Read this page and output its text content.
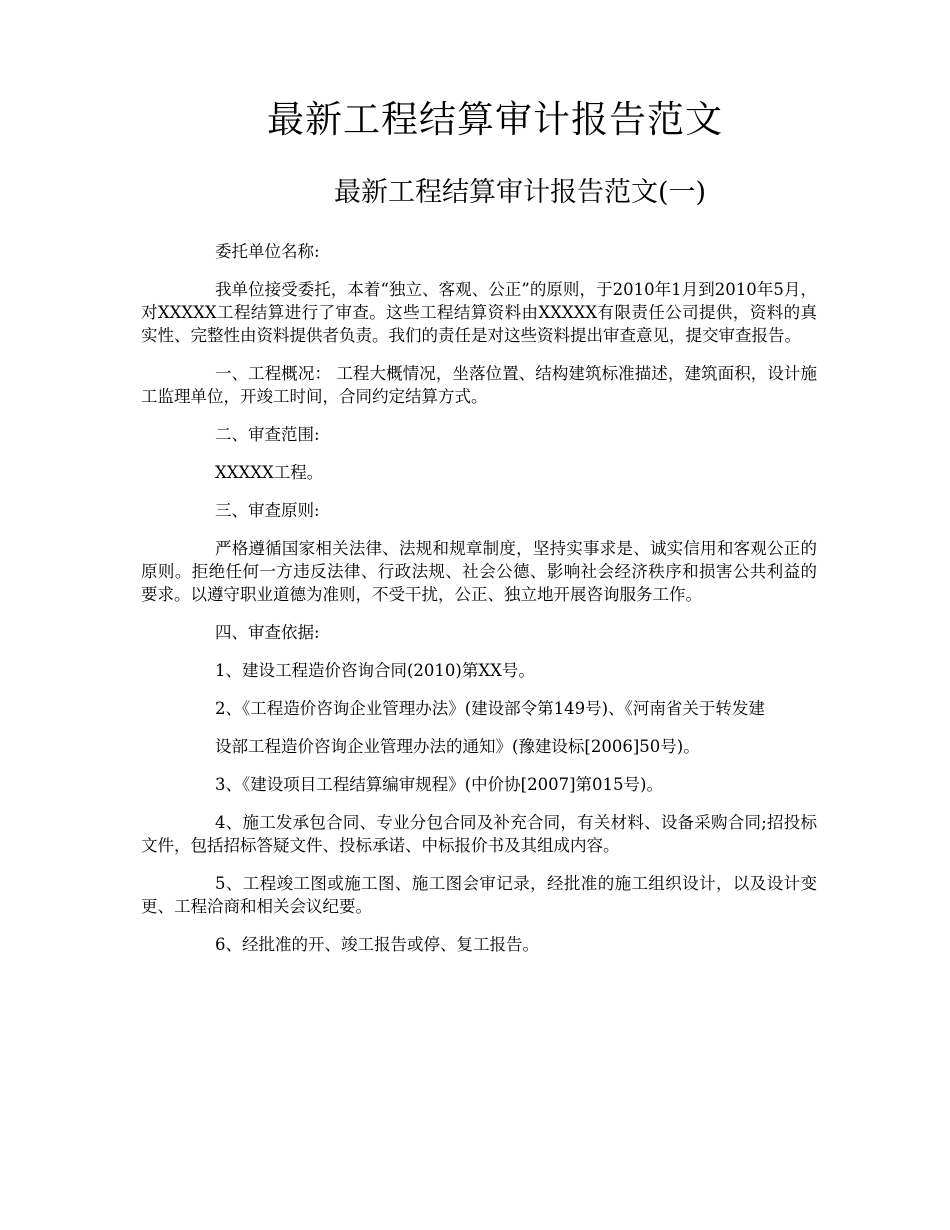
最新工程结算审计报告范文
最新工程结算审计报告范文(一)

委托单位名称:

我单位接受委托，本着“独立、客观、公正”的原则，于2010年1月到2010年5月，对XXXXX工程结算进行了审查。这些工程结算资料由XXXXX有限责任公司提供，资料的真实性、完整性由资料提供者负责。我们的责任是对这些资料提出审查意见，提交审查报告。

一、工程概况： 工程大概情况，坐落位置、结构建筑标准描述，建筑面积，设计施工监理单位，开竣工时间，合同约定结算方式。

二、审查范围:

XXXXX工程。

三、审查原则:

严格遵循国家相关法律、法规和规章制度，坚持实事求是、诚实信用和客观公正的原则。拒绝任何一方违反法律、行政法规、社会公德、影响社会经济秩序和损害公共利益的要求。以遵守职业道德为准则，不受干扰，公正、独立地开展咨询服务工作。

四、审查依据:

1、建设工程造价咨询合同(2010)第XX号。

2、《工程造价咨询企业管理办法》(建设部令第149号)、《河南省关于转发建

设部工程造价咨询企业管理办法的通知》(豫建设标[2006]50号)。

3、《建设项目工程结算编审规程》(中价协[2007]第015号)。

4、施工发承包合同、专业分包合同及补充合同，有关材料、设备采购合同;招投标文件，包括招标答疑文件、投标承诺、中标报价书及其组成内容。

5、工程竣工图或施工图、施工图会审记录，经批准的施工组织设计，以及设计变更、工程洽商和相关会议纪要。

6、经批准的开、竣工报告或停、复工报告。
